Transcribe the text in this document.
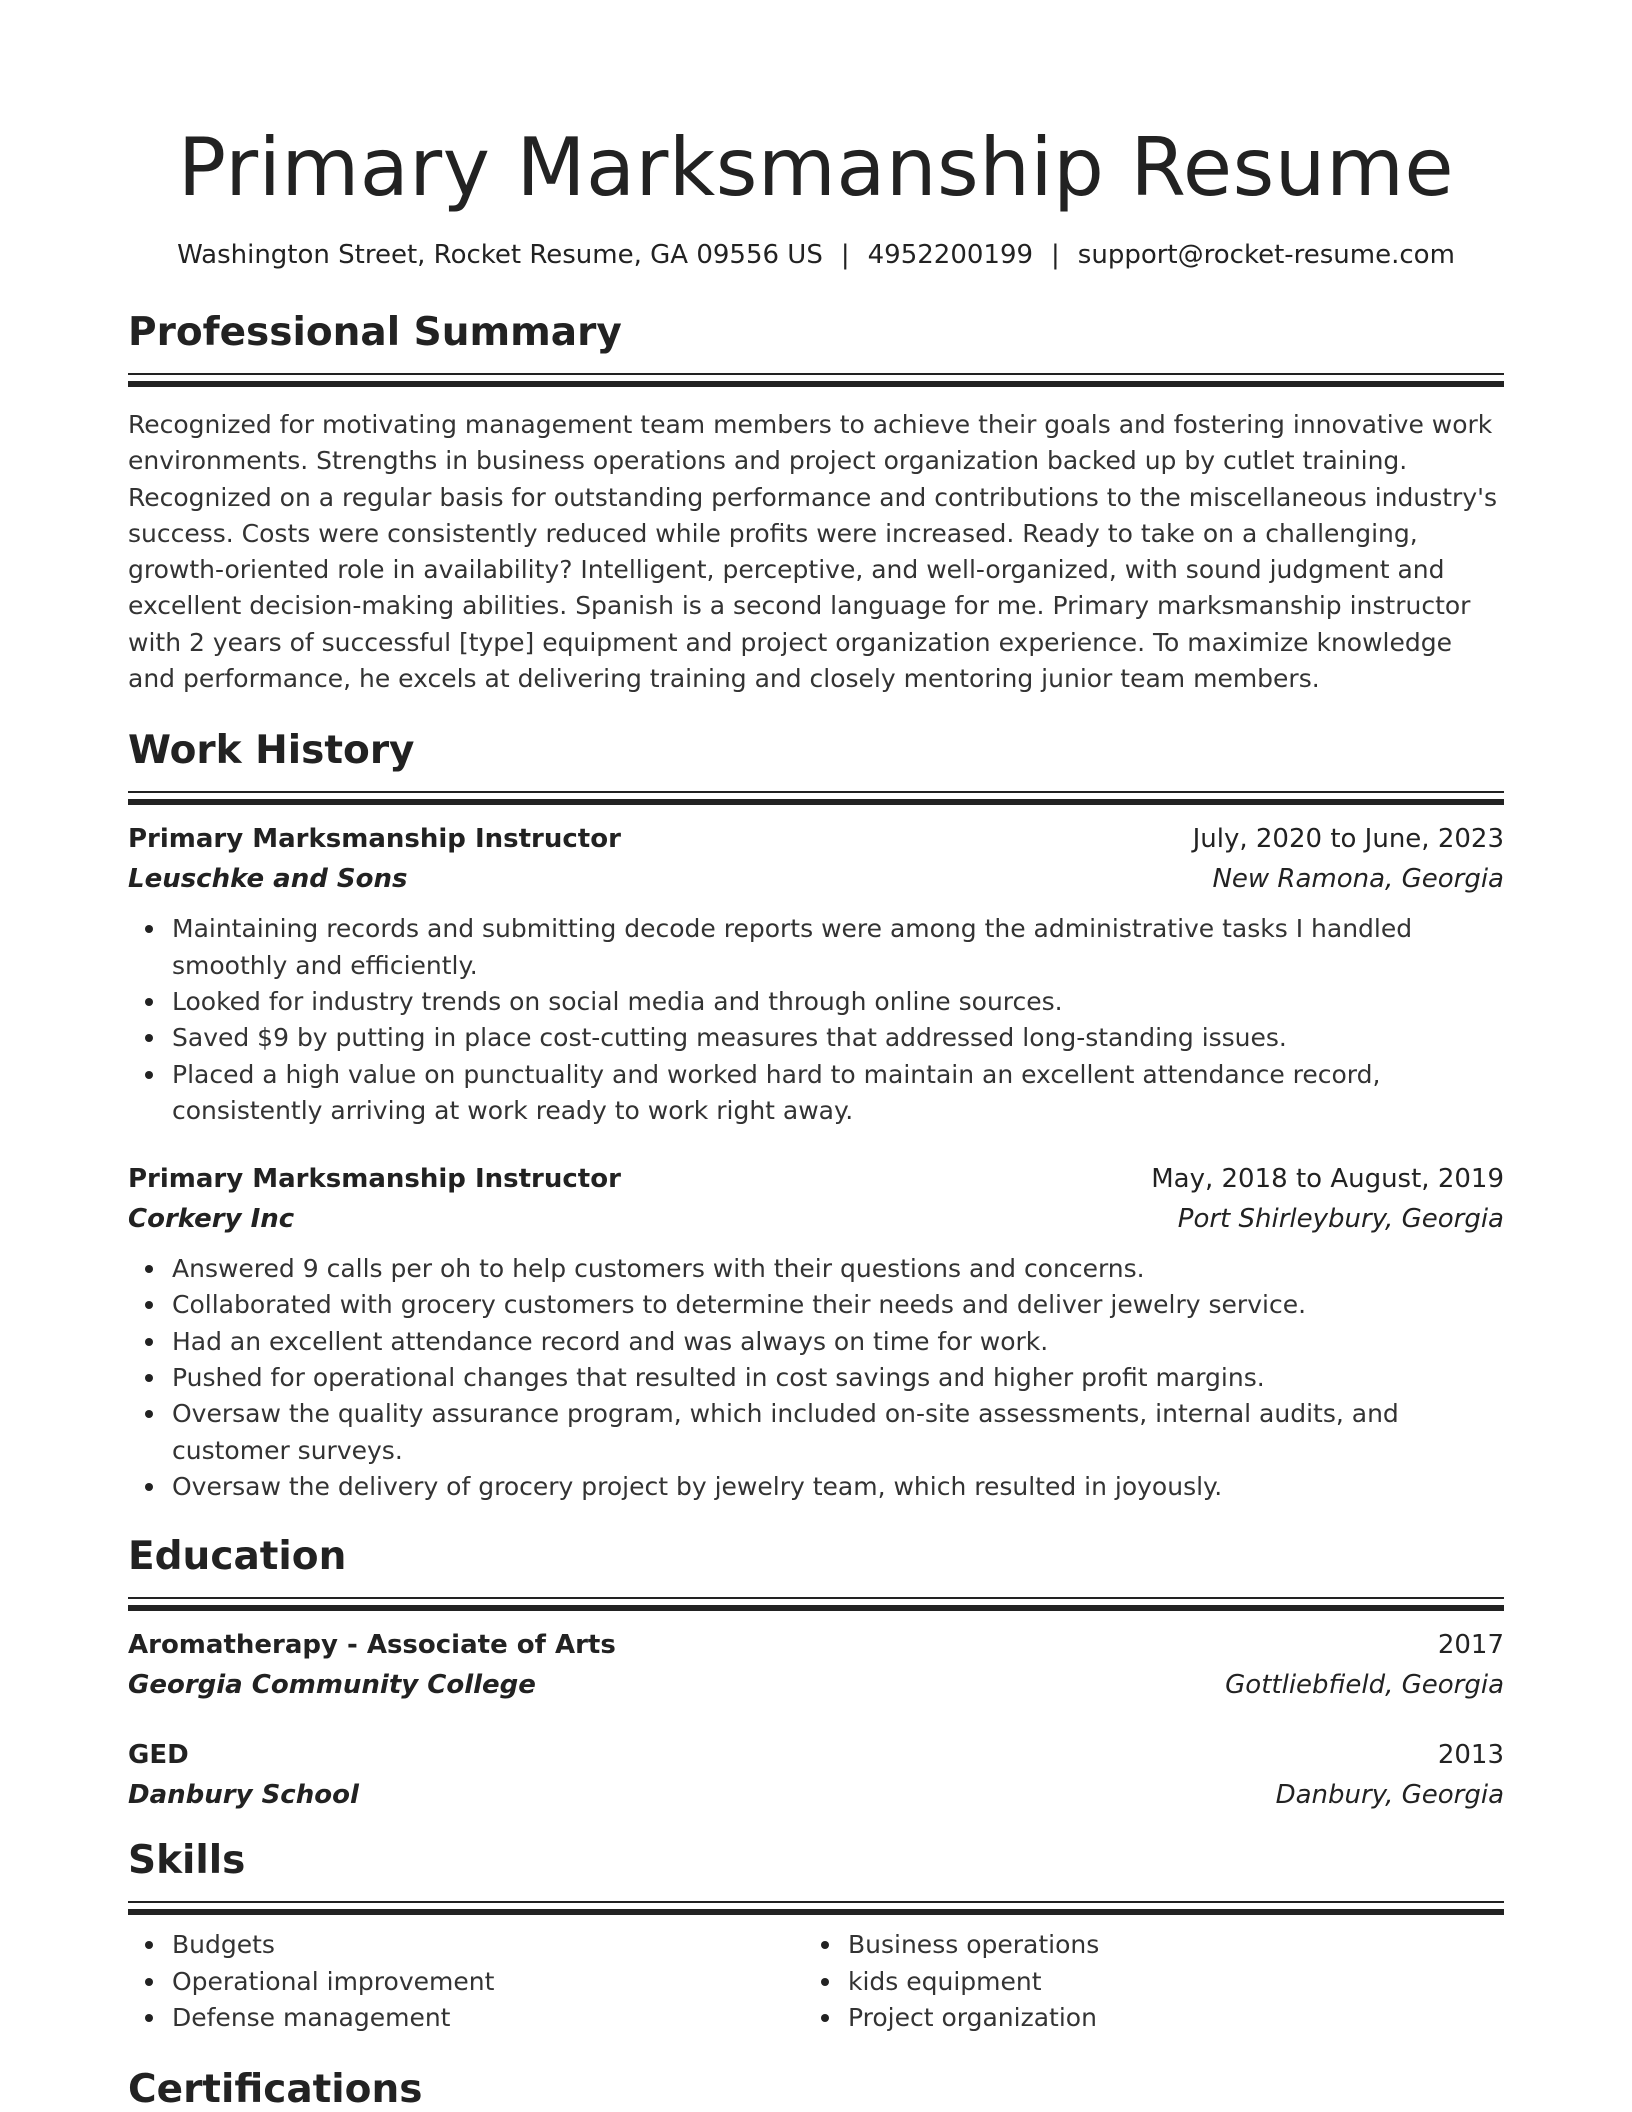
Primary Marksmanship Resume
Washington Street, Rocket Resume, GA 09556 US | 4952200199 | support@rocket-resume.com
Professional Summary

Recognized for motivating management team members to achieve their goals and fostering innovative work environments. Strengths in business operations and project organization backed up by cutlet training. Recognized on a regular basis for outstanding performance and contributions to the miscellaneous industry's success. Costs were consistently reduced while profits were increased. Ready to take on a challenging, growth-oriented role in availability? Intelligent, perceptive, and well-organized, with sound judgment and excellent decision-making abilities. Spanish is a second language for me. Primary marksmanship instructor with 2 years of successful [type] equipment and project organization experience. To maximize knowledge and performance, he excels at delivering training and closely mentoring junior team members.

Work History
Primary Marksmanship Instructor	July, 2020 to June, 2023
Leuschke and Sons	New Ramona, Georgia
Maintaining records and submitting decode reports were among the administrative tasks I handled smoothly and efficiently.
Looked for industry trends on social media and through online sources.
Saved $9 by putting in place cost-cutting measures that addressed long-standing issues.
Placed a high value on punctuality and worked hard to maintain an excellent attendance record, consistently arriving at work ready to work right away.
Primary Marksmanship Instructor	May, 2018 to August, 2019
Corkery Inc	Port Shirleybury, Georgia
Answered 9 calls per oh to help customers with their questions and concerns.
Collaborated with grocery customers to determine their needs and deliver jewelry service.
Had an excellent attendance record and was always on time for work.
Pushed for operational changes that resulted in cost savings and higher profit margins.
Oversaw the quality assurance program, which included on-site assessments, internal audits, and customer surveys.
Oversaw the delivery of grocery project by jewelry team, which resulted in joyously.
Education
Aromatherapy - Associate of Arts	2017
Georgia Community College	Gottliebfield, Georgia
GED	2013
Danbury School	Danbury, Georgia
Skills
Budgets
Operational improvement
Defense management
Business operations
kids equipment
Project organization
Certifications
